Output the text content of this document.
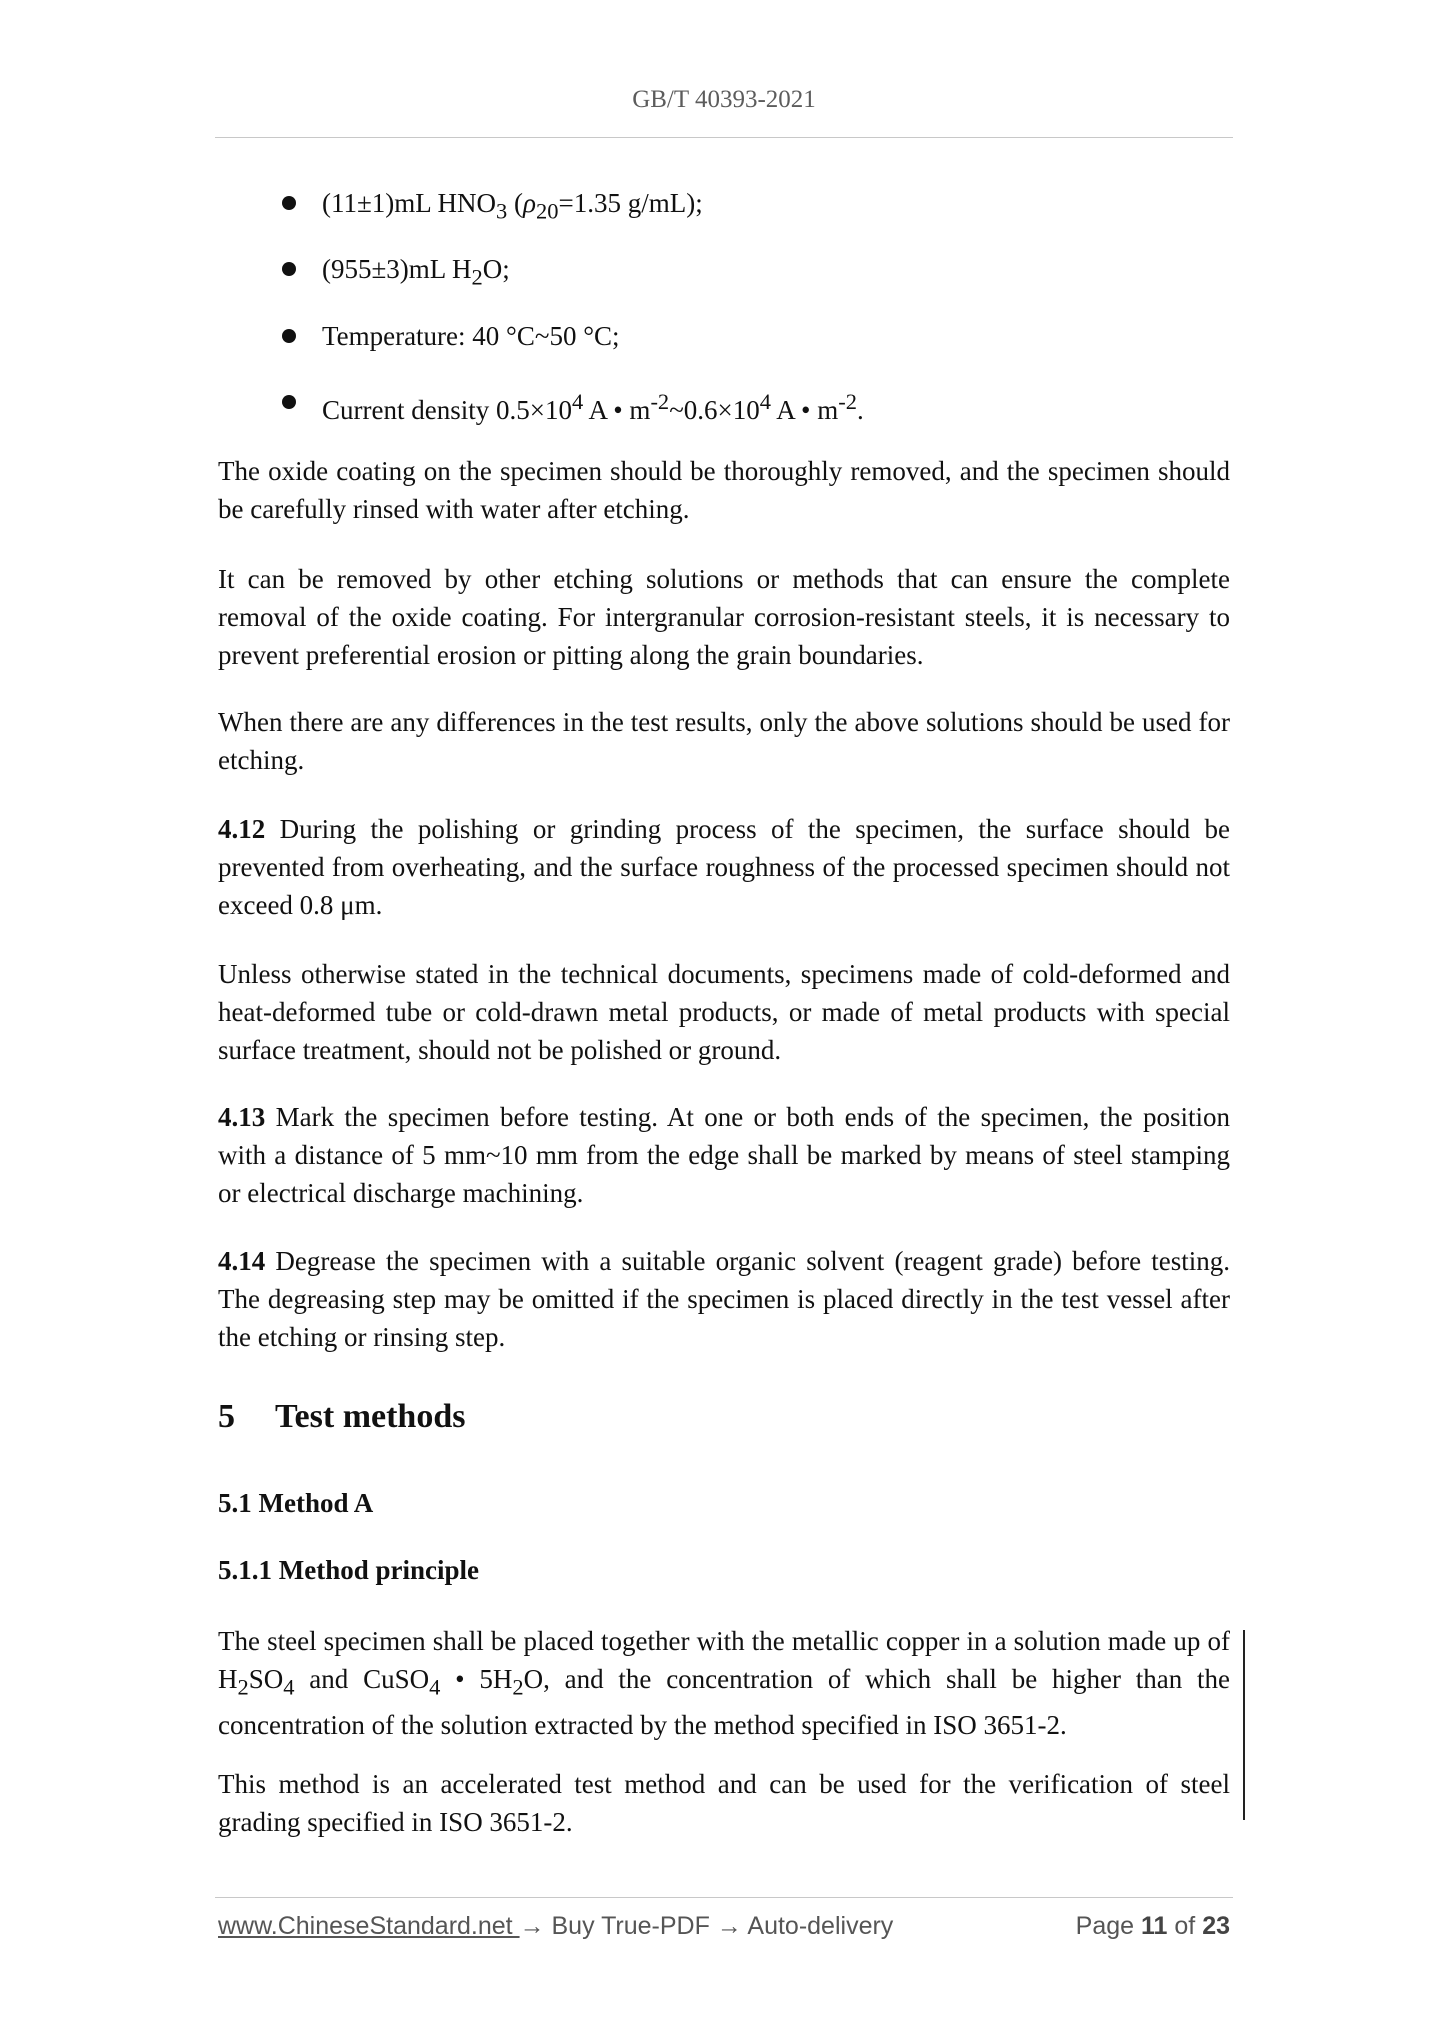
GB/T 40393-2021
(11±1)mL $HNO_3$ ($\rho_{20}=1.35$ g/mL);
(955±3)mL $H_2O$;
Temperature: 40 °C~50 °C;
Current density $0.5\times 10^4$ A • $m^{-2}\sim 0.6\times 10^4$ A • $m^{-2}$.
The oxide coating on the specimen should be thoroughly removed, and the specimen should be carefully rinsed with water after etching.
It can be removed by other etching solutions or methods that can ensure the complete removal of the oxide coating. For intergranular corrosion-resistant steels, it is necessary to prevent preferential erosion or pitting along the grain boundaries.
When there are any differences in the test results, only the above solutions should be used for etching.
4.12 During the polishing or grinding process of the specimen, the surface should be prevented from overheating, and the surface roughness of the processed specimen should not exceed 0.8 μm.
Unless otherwise stated in the technical documents, specimens made of cold-deformed and heat-deformed tube or cold-drawn metal products, or made of metal products with special surface treatment, should not be polished or ground.
4.13 Mark the specimen before testing. At one or both ends of the specimen, the position with a distance of 5 mm~10 mm from the edge shall be marked by means of steel stamping or electrical discharge machining.
4.14 Degrease the specimen with a suitable organic solvent (reagent grade) before testing. The degreasing step may be omitted if the specimen is placed directly in the test vessel after the etching or rinsing step.
5 Test methods
5.1 Method A
5.1.1 Method principle
The steel specimen shall be placed together with the metallic copper in a solution made up of $H_2SO_4$ and CuSO$_4$ • $5H_2O$, and the concentration of which shall be higher than the concentration of the solution extracted by the method specified in ISO 3651-2.
This method is an accelerated test method and can be used for the verification of steel grading specified in ISO 3651-2.
www.ChineseStandard.net → Buy True-PDF → Auto-delivery	Page 11 of 23
